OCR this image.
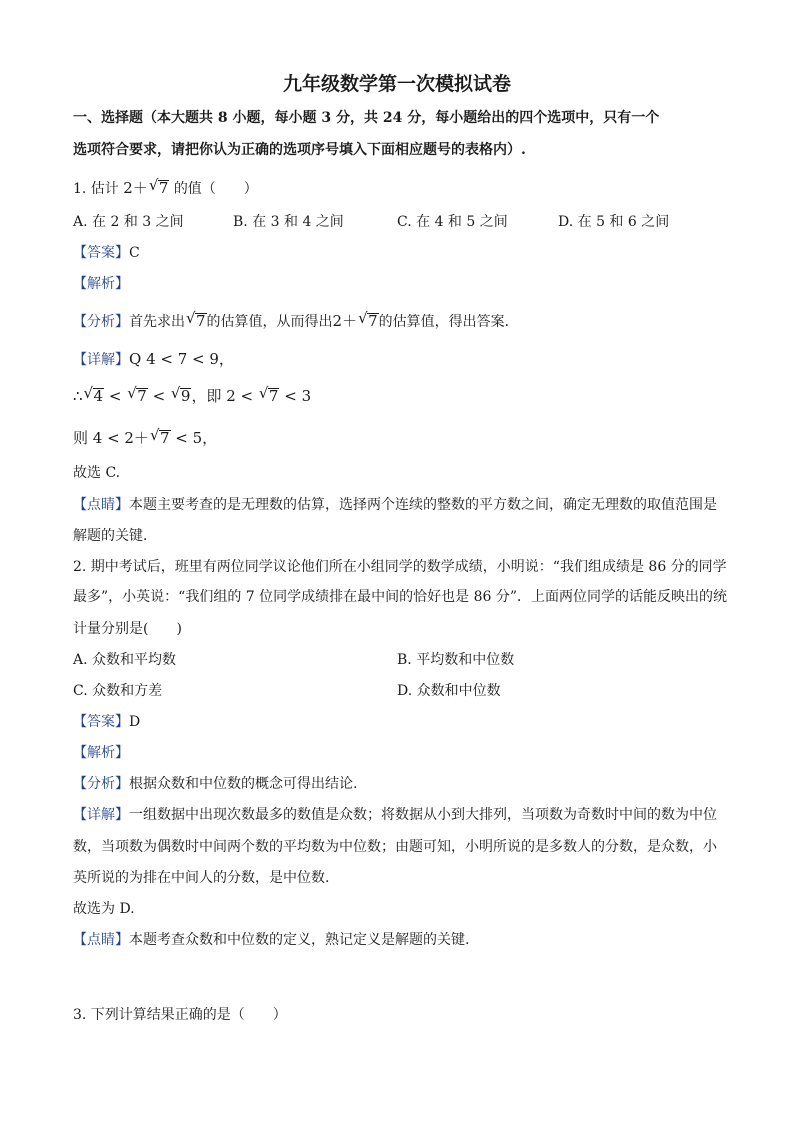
九年级数学第一次模拟试卷
一、选择题（本大题共 8 小题，每小题 3 分，共 24 分，每小题给出的四个选项中，只有一个
选项符合要求，请把你认为正确的选项序号填入下面相应题号的表格内）.
1. 估计 2＋ √ 7 的值（　　）
A. 在 2 和 3 之间	B. 在 3 和 4 之间	C. 在 4 和 5 之间	D. 在 5 和 6 之间
【答案】C
【解析】
【分析】首先求出 √ 7的估算值，从而得出2＋ √ 7的估算值，得出答案．
【详解】Q 4 < 7 < 9，
∴ √ 4 < √ 7 < √ 9，即 2 < √ 7 < 3
则 4 < 2＋ √ 7 < 5，
故选 C.
【点睛】本题主要考查的是无理数的估算，选择两个连续的整数的平方数之间，确定无理数的取值范围是
解题的关键．
2. 期中考试后，班里有两位同学议论他们所在小组同学的数学成绩，小明说：“我们组成绩是 86 分的同学
最多”，小英说：“我们组的 7 位同学成绩排在最中间的恰好也是 86 分”．上面两位同学的话能反映出的统
计量分别是(　　)
A. 众数和平均数	B. 平均数和中位数
C. 众数和方差	D. 众数和中位数
【答案】D
【解析】
【分析】根据众数和中位数的概念可得出结论.
【详解】一组数据中出现次数最多的数值是众数；将数据从小到大排列，当项数为奇数时中间的数为中位
数，当项数为偶数时中间两个数的平均数为中位数；由题可知，小明所说的是多数人的分数，是众数，小
英所说的为排在中间人的分数，是中位数.
故选为 D.
【点睛】本题考查众数和中位数的定义，熟记定义是解题的关键.
3. 下列计算结果正确的是（　　）
